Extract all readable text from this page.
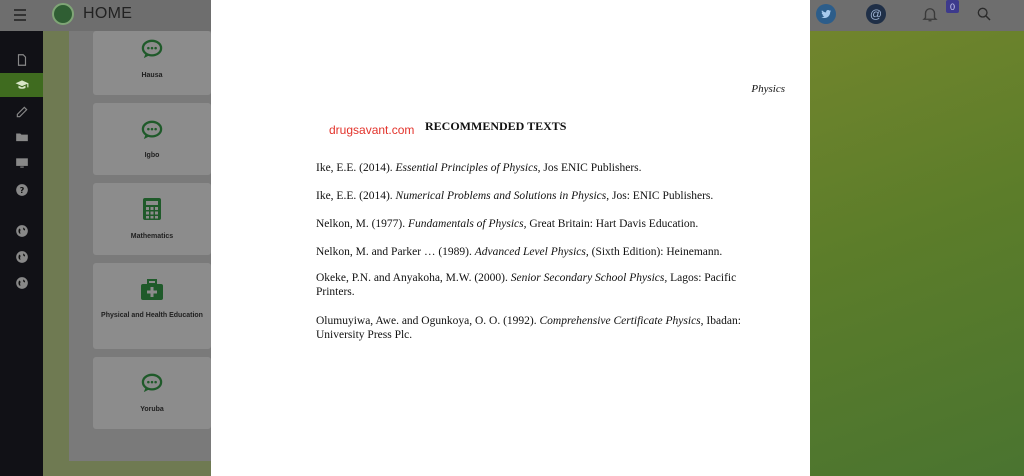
HOME	@
0
?
Hausa
Igbo
Mathematics
Physical and Health Education
Yoruba
Physics
drugsavant.com RECOMMENDED TEXTS
Ike, E.E. (2014). Essential Principles of Physics, Jos ENIC Publishers.
Ike, E.E. (2014). Numerical Problems and Solutions in Physics, Jos: ENIC Publishers.
Nelkon, M. (1977). Fundamentals of Physics, Great Britain: Hart Davis Education.
Nelkon, M. and Parker … (1989). Advanced Level Physics, (Sixth Edition): Heinemann.
Okeke, P.N. and Anyakoha, M.W. (2000). Senior Secondary School Physics, Lagos: Pacific Printers.
Olumuyiwa, Awe. and Ogunkoya, O. O. (1992). Comprehensive Certificate Physics, Ibadan: University Press Plc.
